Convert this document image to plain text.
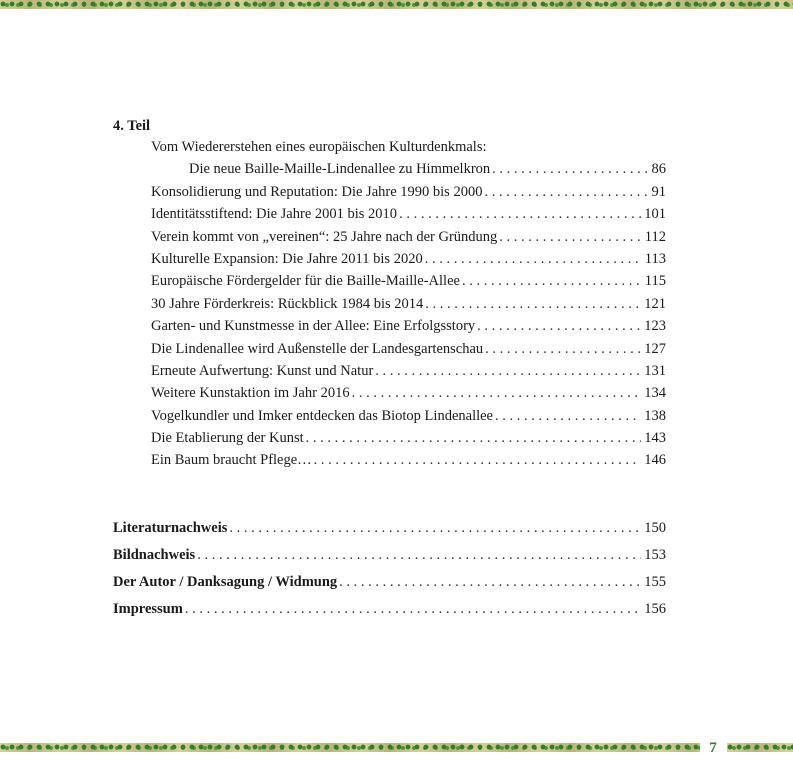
4. Teil
Vom Wiedererstehen eines europäischen Kulturdenkmals:
Die neue Baille-Maille-Lindenallee zu Himmelkron . . .	86
Konsolidierung und Reputation: Die Jahre 1990 bis 2000 . . .	91
Identitätsstiftend: Die Jahre 2001 bis 2010 . . .	101
Verein kommt von „vereinen“: 25 Jahre nach der Gründung . . .	112
Kulturelle Expansion: Die Jahre 2011 bis 2020 . . .	113
Europäische Fördergelder für die Baille-Maille-Allee . . .	115
30 Jahre Förderkreis: Rückblick 1984 bis 2014 . . .	121
Garten- und Kunstmesse in der Allee: Eine Erfolgsstory . . .	123
Die Lindenallee wird Außenstelle der Landesgartenschau . . .	127
Erneute Aufwertung: Kunst und Natur . . .	131
Weitere Kunstaktion im Jahr 2016 . . .	134
Vogelkundler und Imker entdecken das Biotop Lindenallee . . .	138
Die Etablierung der Kunst . . .	143
Ein Baum braucht Pflege… . . .	146
Literaturnachweis . . .	150
Bildnachweis . . .	153
Der Autor / Danksagung / Widmung . . .	155
Impressum . . .	156
7
